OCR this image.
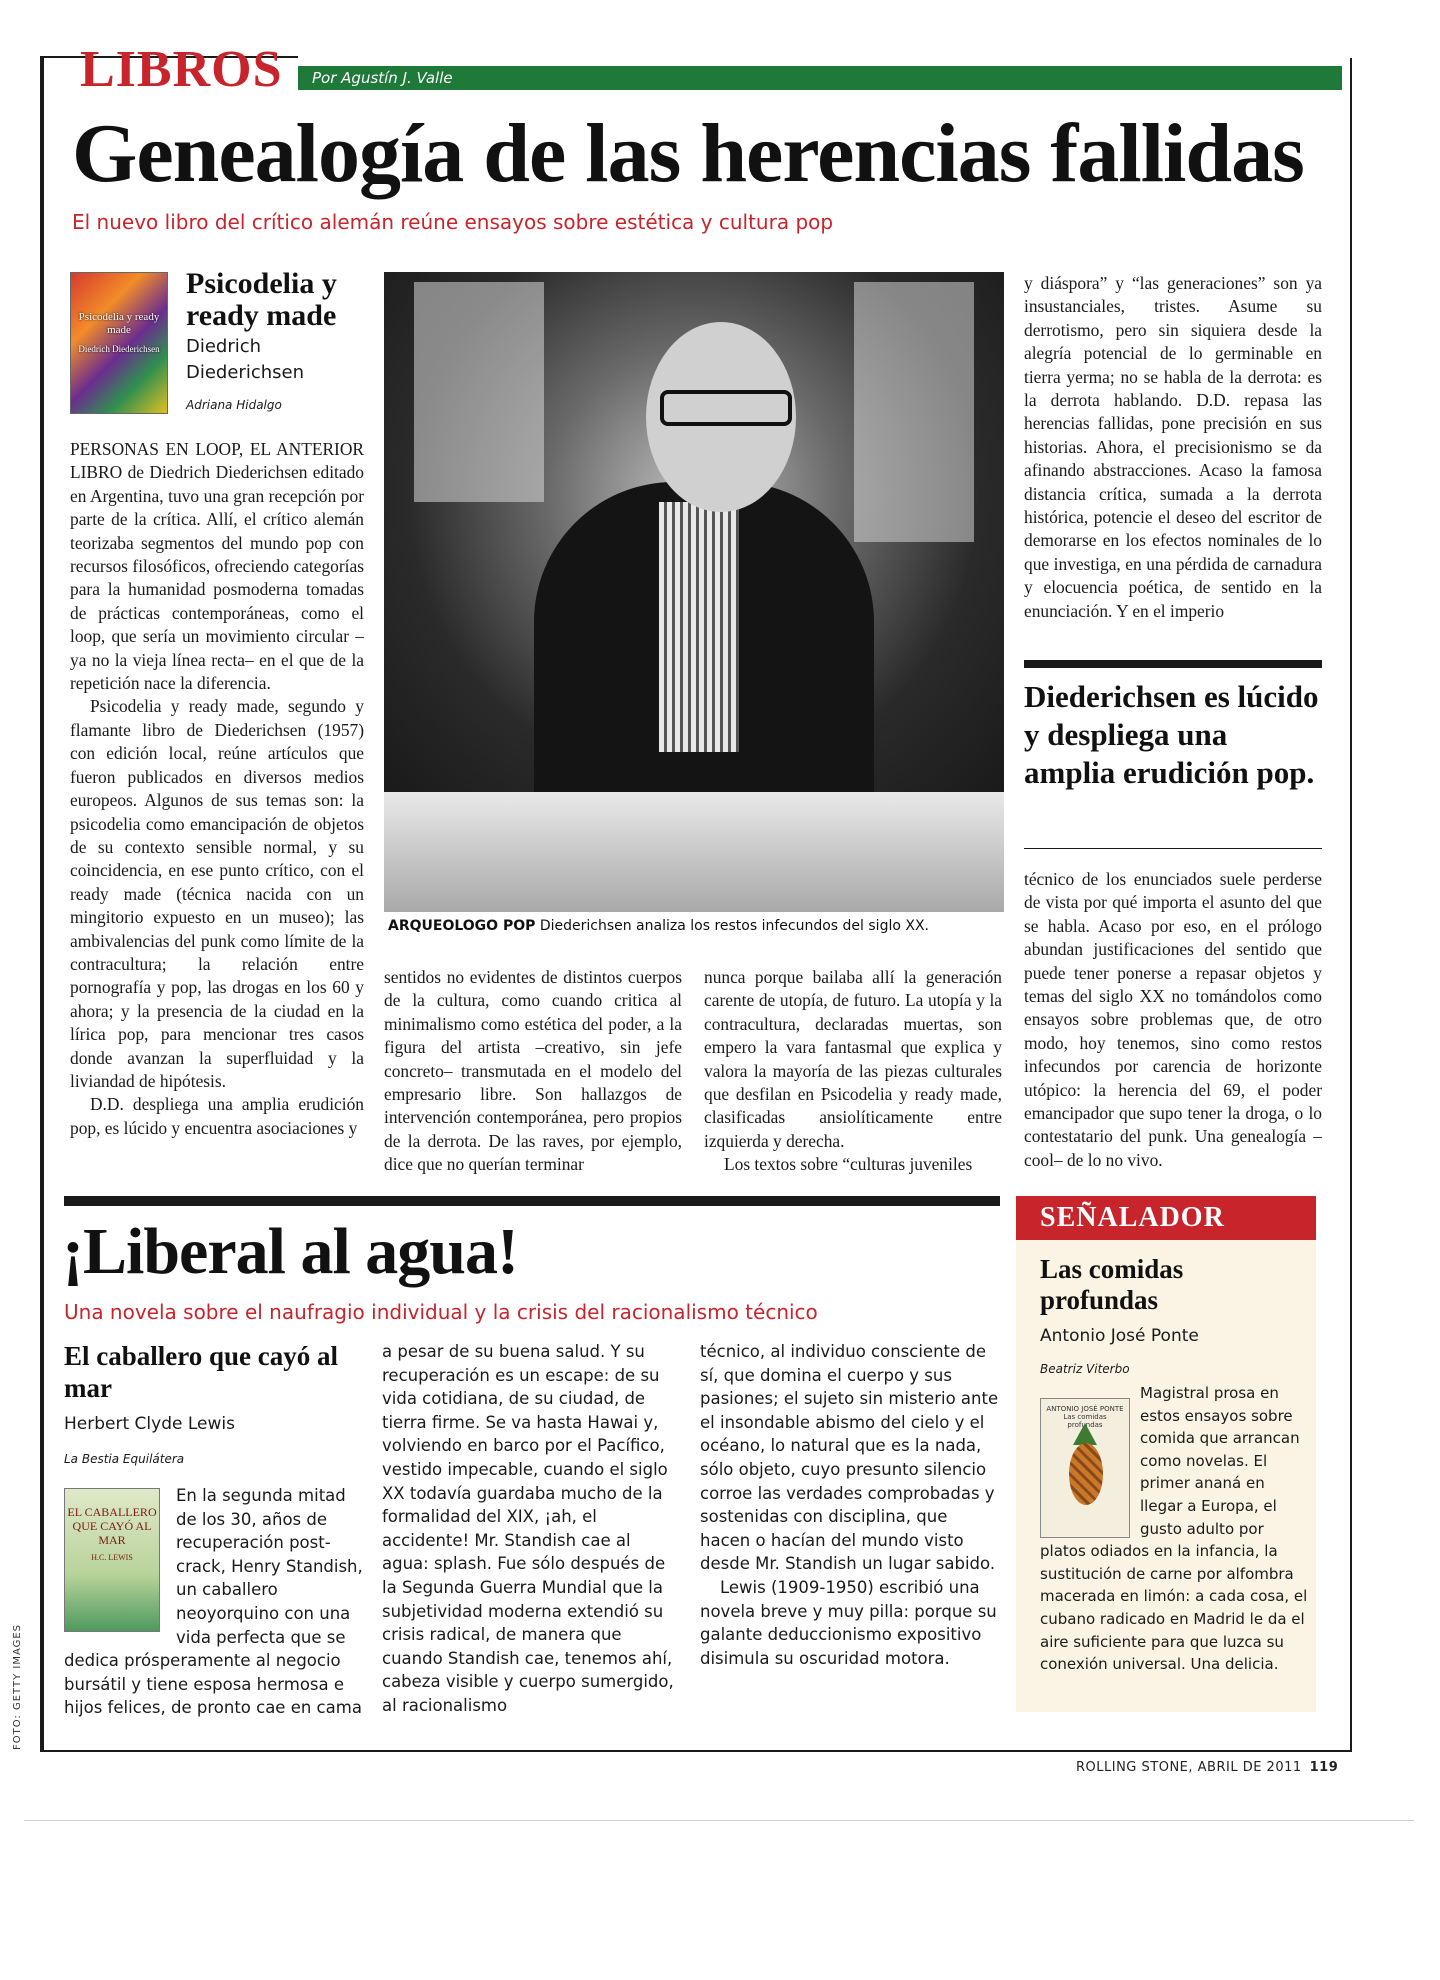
LIBROS Por Agustín J. Valle
Genealogía de las herencias fallidas
El nuevo libro del crítico alemán reúne ensayos sobre estética y cultura pop
Psicodelia y ready made
Diedrich Diederichsen
Psicodelia y ready made
Diedrich Diederichsen
Adriana Hidalgo

PERSONAS EN LOOP, EL ANTERIOR LIBRO de Diedrich Diederichsen editado en Argentina, tuvo una gran recepción por parte de la crítica. Allí, el crítico alemán teorizaba segmentos del mundo pop con recursos filosóficos, ofreciendo categorías para la humanidad posmoderna tomadas de prácticas contemporáneas, como el loop, que sería un movimiento circular –ya no la vieja línea recta– en el que de la repetición nace la diferencia.

Psicodelia y ready made, segundo y flamante libro de Diederichsen (1957) con edición local, reúne artículos que fueron publicados en diversos medios europeos. Algunos de sus temas son: la psicodelia como emancipación de objetos de su contexto sensible normal, y su coincidencia, en ese punto crítico, con el ready made (técnica nacida con un mingitorio expuesto en un museo); las ambivalencias del punk como límite de la contracultura; la relación entre pornografía y pop, las drogas en los 60 y ahora; y la presencia de la ciudad en la lírica pop, para mencionar tres casos donde avanzan la superfluidad y la liviandad de hipótesis.

D.D. despliega una amplia erudición pop, es lúcido y encuentra asociaciones y

ARQUEOLOGO POP Diederichsen analiza los restos infecundos del siglo XX.

sentidos no evidentes de distintos cuerpos de la cultura, como cuando critica al minimalismo como estética del poder, a la figura del artista –creativo, sin jefe concreto– transmutada en el modelo del empresario libre. Son hallazgos de intervención contemporánea, pero propios de la derrota. De las raves, por ejemplo, dice que no querían terminar

nunca porque bailaba allí la generación carente de utopía, de futuro. La utopía y la contracultura, declaradas muertas, son empero la vara fantasmal que explica y valora la mayoría de las piezas culturales que desfilan en Psicodelia y ready made, clasificadas ansiolíticamente entre izquierda y derecha.

Los textos sobre “culturas juveniles

y diáspora” y “las generaciones” son ya insustanciales, tristes. Asume su derrotismo, pero sin siquiera desde la alegría potencial de lo germinable en tierra yerma; no se habla de la derrota: es la derrota hablando. D.D. repasa las herencias fallidas, pone precisión en sus historias. Ahora, el precisionismo se da afinando abstracciones. Acaso la famosa distancia crítica, sumada a la derrota histórica, potencie el deseo del escritor de demorarse en los efectos nominales de lo que investiga, en una pérdida de carnadura y elocuencia poética, de sentido en la enunciación. Y en el imperio

Diederichsen es lúcido y despliega una amplia erudición pop.

técnico de los enunciados suele perderse de vista por qué importa el asunto del que se habla. Acaso por eso, en el prólogo abundan justificaciones del sentido que puede tener ponerse a repasar objetos y temas del siglo XX no tomándolos como ensayos sobre problemas que, de otro modo, hoy tenemos, sino como restos infecundos por carencia de horizonte utópico: la herencia del 69, el poder emancipador que supo tener la droga, o lo contestatario del punk. Una genealogía –cool– de lo no vivo.

¡Liberal al agua!
Una novela sobre el naufragio individual y la crisis del racionalismo técnico
El caballero que cayó al mar
Herbert Clyde Lewis
La Bestia Equilátera

En la segunda mitad de los 30, años de recuperación post-crack, Henry Standish, un caballero neoyorquino con una vida perfecta que se dedica prósperamente al negocio bursátil y tiene esposa hermosa e hijos felices, de pronto cae en cama

EL CABALLERO QUE CAYÓ AL MAR
H.C. LEWIS

a pesar de su buena salud. Y su recuperación es un escape: de su vida cotidiana, de su ciudad, de tierra firme. Se va hasta Hawai y, volviendo en barco por el Pacífico, vestido impecable, cuando el siglo XX todavía guardaba mucho de la formalidad del XIX, ¡ah, el accidente! Mr. Standish cae al agua: splash. Fue sólo después de la Segunda Guerra Mundial que la subjetividad moderna extendió su crisis radical, de manera que cuando Standish cae, tenemos ahí, cabeza visible y cuerpo sumergido, al racionalismo

técnico, al individuo consciente de sí, que domina el cuerpo y sus pasiones; el sujeto sin misterio ante el insondable abismo del cielo y el océano, lo natural que es la nada, sólo objeto, cuyo presunto silencio corroe las verdades comprobadas y sostenidas con disciplina, que hacen o hacían del mundo visto desde Mr. Standish un lugar sabido.

Lewis (1909-1950) escribió una novela breve y muy pilla: porque su galante deduccionismo expositivo disimula su oscuridad motora.

SEÑALADOR
Las comidas profundas
Antonio José Ponte
Beatriz Viterbo

Magistral prosa en estos ensayos sobre comida que arrancan como novelas. El primer ananá en llegar a Europa, el gusto adulto por platos odiados en la infancia, la sustitución de carne por alfombra macerada en limón: a cada cosa, el cubano radicado en Madrid le da el aire suficiente para que luzca su conexión universal. Una delicia.

ANTONIO JOSÉ PONTE Las comidas profundas
FOTO: GETTY IMAGES
ROLLING STONE, ABRIL DE 2011 119
